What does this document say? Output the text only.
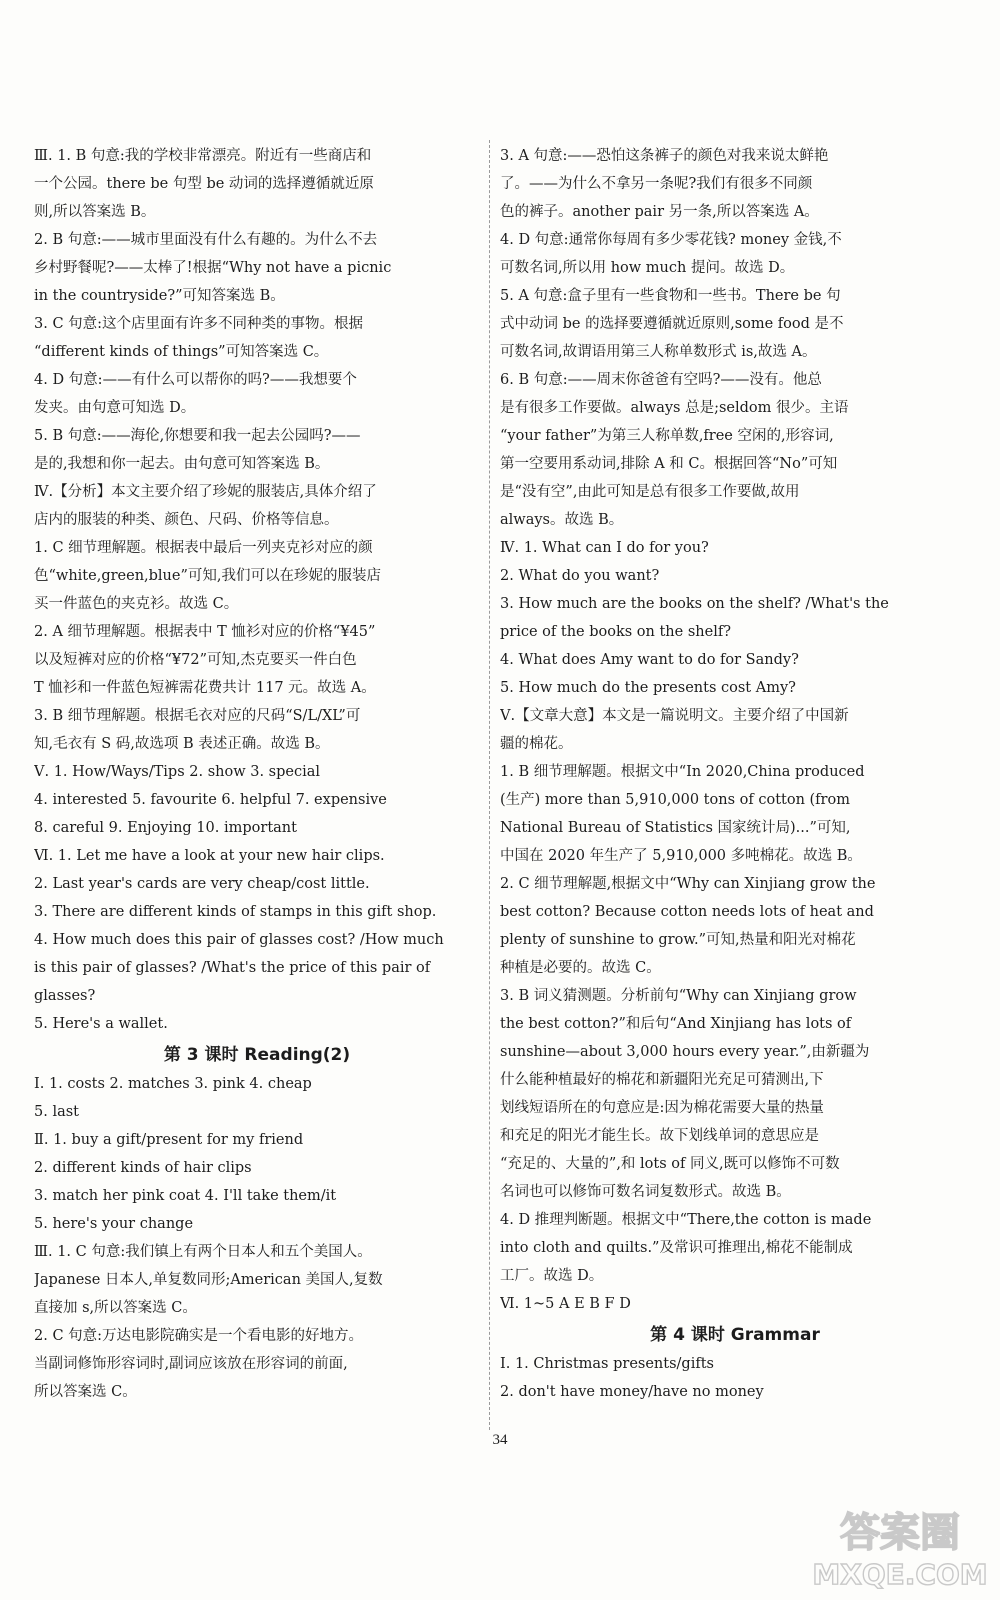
Ⅲ. 1. B 句意:我的学校非常漂亮。附近有一些商店和
一个公园。there be 句型 be 动词的选择遵循就近原
则,所以答案选 B。
2. B 句意:——城市里面没有什么有趣的。为什么不去
乡村野餐呢?——太棒了!根据“Why not have a picnic
in the countryside?”可知答案选 B。
3. C 句意:这个店里面有许多不同种类的事物。根据
“different kinds of things”可知答案选 C。
4. D 句意:——有什么可以帮你的吗?——我想要个
发夹。由句意可知选 D。
5. B 句意:——海伦,你想要和我一起去公园吗?——
是的,我想和你一起去。由句意可知答案选 B。
Ⅳ.【分析】本文主要介绍了珍妮的服装店,具体介绍了
店内的服装的种类、颜色、尺码、价格等信息。
1. C 细节理解题。根据表中最后一列夹克衫对应的颜
色“white,green,blue”可知,我们可以在珍妮的服装店
买一件蓝色的夹克衫。故选 C。
2. A 细节理解题。根据表中 T 恤衫对应的价格“¥45”
以及短裤对应的价格“¥72”可知,杰克要买一件白色
T 恤衫和一件蓝色短裤需花费共计 117 元。故选 A。
3. B 细节理解题。根据毛衣对应的尺码“S/L/XL”可
知,毛衣有 S 码,故选项 B 表述正确。故选 B。
Ⅴ. 1. How/Ways/Tips 2. show 3. special
4. interested 5. favourite 6. helpful 7. expensive
8. careful 9. Enjoying 10. important
Ⅵ. 1. Let me have a look at your new hair clips.
2. Last year's cards are very cheap/cost little.
3. There are different kinds of stamps in this gift shop.
4. How much does this pair of glasses cost? /How much
is this pair of glasses? /What's the price of this pair of
glasses?
5. Here's a wallet.
第 3 课时 Reading(2)
Ⅰ. 1. costs 2. matches 3. pink 4. cheap
5. last
Ⅱ. 1. buy a gift/present for my friend
2. different kinds of hair clips
3. match her pink coat 4. I'll take them/it
5. here's your change
Ⅲ. 1. C 句意:我们镇上有两个日本人和五个美国人。
Japanese 日本人,单复数同形;American 美国人,复数
直接加 s,所以答案选 C。
2. C 句意:万达电影院确实是一个看电影的好地方。
当副词修饰形容词时,副词应该放在形容词的前面,
所以答案选 C。
3. A 句意:——恐怕这条裤子的颜色对我来说太鲜艳
了。——为什么不拿另一条呢?我们有很多不同颜
色的裤子。another pair 另一条,所以答案选 A。
4. D 句意:通常你每周有多少零花钱? money 金钱,不
可数名词,所以用 how much 提问。故选 D。
5. A 句意:盒子里有一些食物和一些书。There be 句
式中动词 be 的选择要遵循就近原则,some food 是不
可数名词,故谓语用第三人称单数形式 is,故选 A。
6. B 句意:——周末你爸爸有空吗?——没有。他总
是有很多工作要做。always 总是;seldom 很少。主语
“your father”为第三人称单数,free 空闲的,形容词,
第一空要用系动词,排除 A 和 C。根据回答“No”可知
是“没有空”,由此可知是总有很多工作要做,故用
always。故选 B。
Ⅳ. 1. What can I do for you?
2. What do you want?
3. How much are the books on the shelf? /What's the
price of the books on the shelf?
4. What does Amy want to do for Sandy?
5. How much do the presents cost Amy?
Ⅴ.【文章大意】本文是一篇说明文。主要介绍了中国新
疆的棉花。
1. B 细节理解题。根据文中“In 2020,China produced
(生产) more than 5,910,000 tons of cotton (from
National Bureau of Statistics 国家统计局)...”可知,
中国在 2020 年生产了 5,910,000 多吨棉花。故选 B。
2. C 细节理解题,根据文中“Why can Xinjiang grow the
best cotton? Because cotton needs lots of heat and
plenty of sunshine to grow.”可知,热量和阳光对棉花
种植是必要的。故选 C。
3. B 词义猜测题。分析前句“Why can Xinjiang grow
the best cotton?”和后句“And Xinjiang has lots of
sunshine—about 3,000 hours every year.”,由新疆为
什么能种植最好的棉花和新疆阳光充足可猜测出,下
划线短语所在的句意应是:因为棉花需要大量的热量
和充足的阳光才能生长。故下划线单词的意思应是
“充足的、大量的”,和 lots of 同义,既可以修饰不可数
名词也可以修饰可数名词复数形式。故选 B。
4. D 推理判断题。根据文中“There,the cotton is made
into cloth and quilts.”及常识可推理出,棉花不能制成
工厂。故选 D。
Ⅵ. 1~5 A E B F D
第 4 课时 Grammar
Ⅰ. 1. Christmas presents/gifts
2. don't have money/have no money
34
答案圈
MXQE.COM
